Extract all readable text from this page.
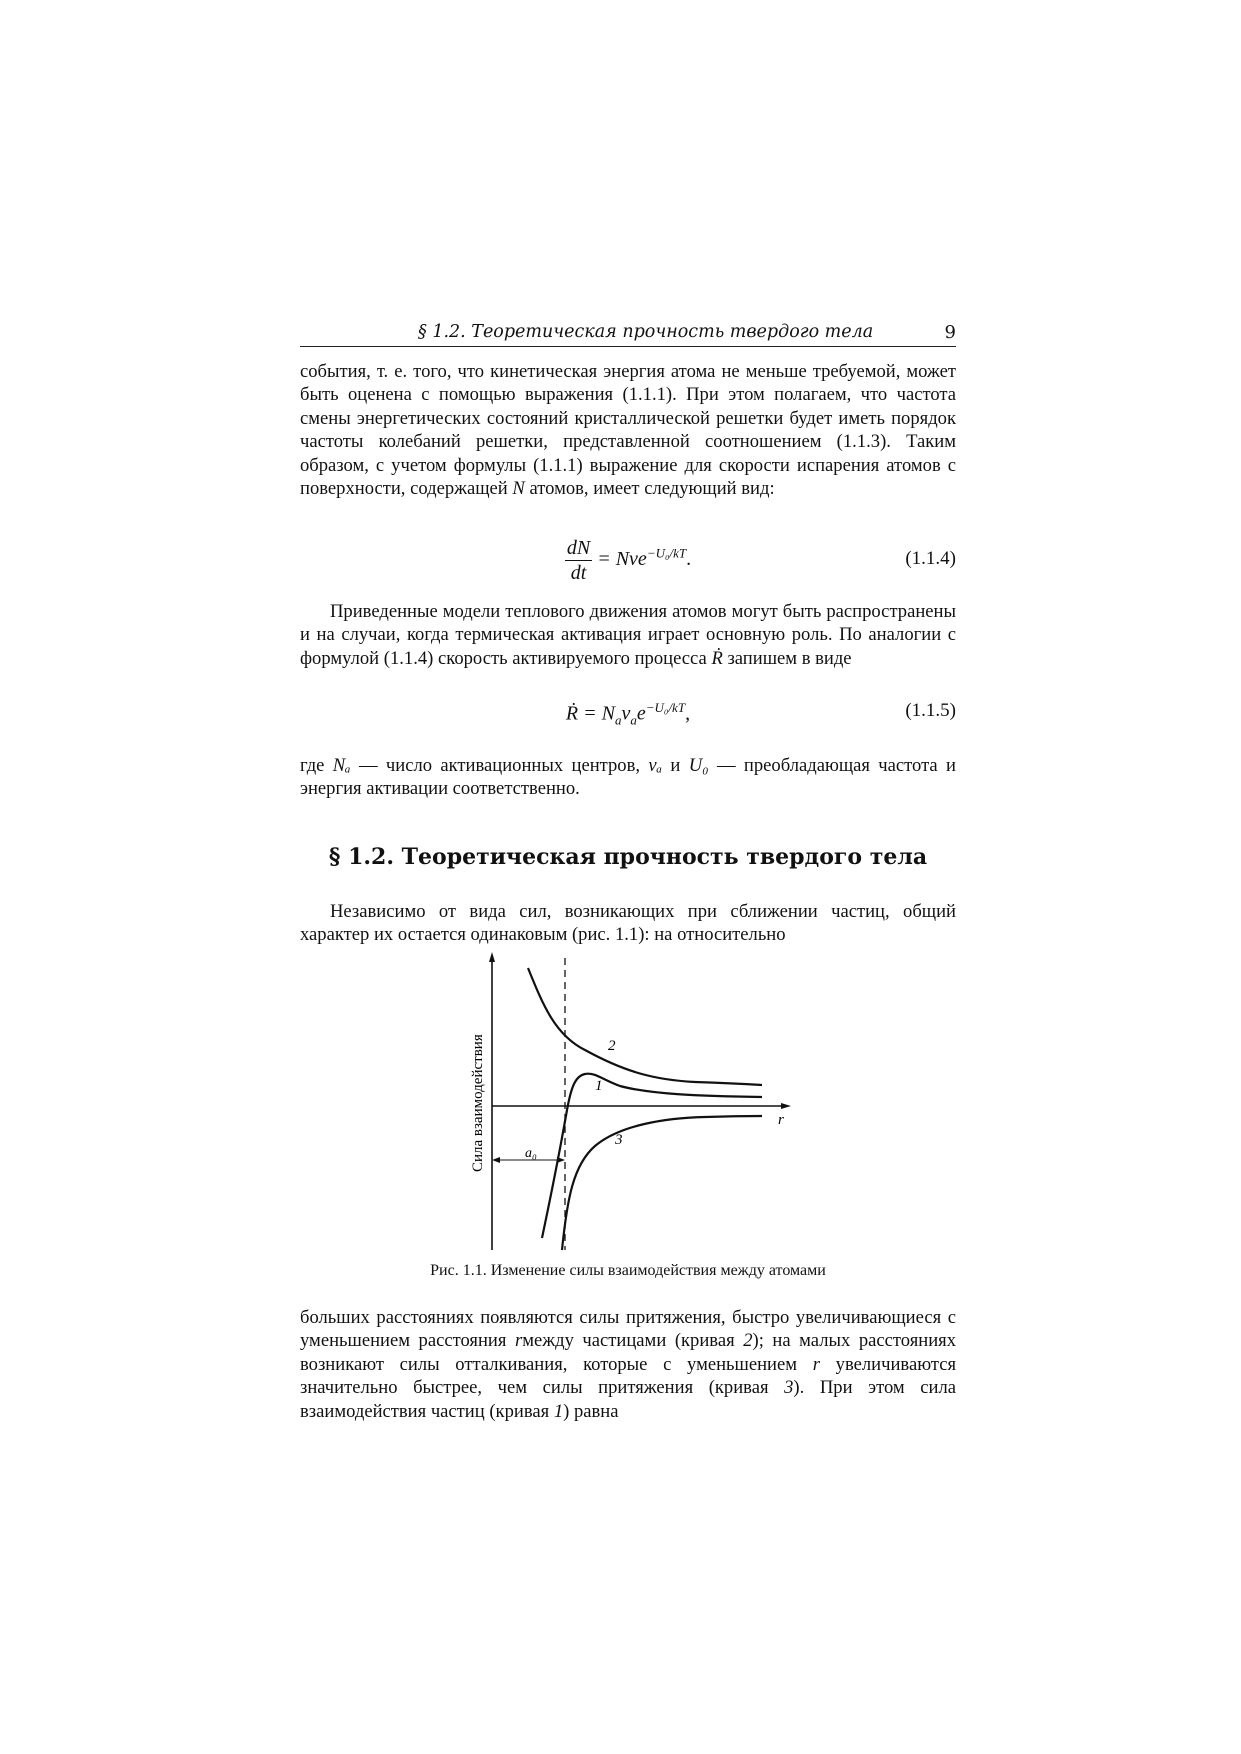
§ 1.2. Теоретическая прочность твердого тела	9

события, т. е. того, что кинетическая энергия атома не меньше требуемой, может быть оценена с помощью выражения (1.1.1). При этом полагаем, что частота смены энергетических состояний кристаллической решетки будет иметь порядок частоты колебаний решетки, представленной соотношением (1.1.3). Таким образом, с учетом формулы (1.1.1) выражение для скорости испарения атомов с поверхности, содержащей N атомов, имеет следующий вид:

$\frac{dN}{dt} = N\nu e^{-U_0/kT}$.	(1.1.4)

Приведенные модели теплового движения атомов могут быть распространены и на случаи, когда термическая активация играет основную роль. По аналогии с формулой (1.1.4) скорость активируемого процесса Ṙ запишем в виде

Ṙ = $N_a\nu_ae^{-U_0/kT}$,	(1.1.5)

где Nₐ — число активационных центров, νₐ и U₀ — преобладающая частота и энергия активации соответственно.

§ 1.2. Теоретическая прочность твердого тела

Независимо от вида сил, возникающих при сближении частиц, общий характер их остается одинаковым (рис. 1.1): на относительно

a₀
2
1
3
r
Сила взаимодействия
Рис. 1.1. Изменение силы взаимодействия между атомами

больших расстояниях появляются силы притяжения, быстро увеличивающиеся с уменьшением расстояния rмежду частицами (кривая 2); на малых расстояниях возникают силы отталкивания, которые с уменьшением r увеличиваются значительно быстрее, чем силы притяжения (кривая 3). При этом сила взаимодействия частиц (кривая 1) равна
